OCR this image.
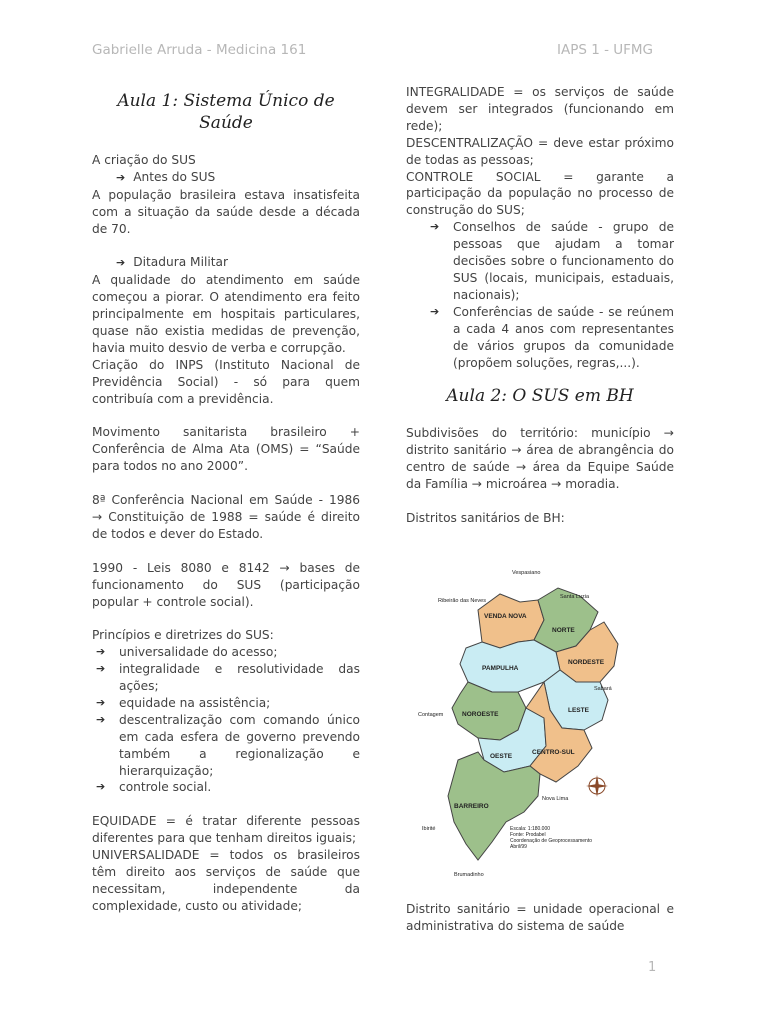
Gabrielle Arruda - Medicina 161	IAPS 1 - UFMG
Aula 1: Sistema Único de Saúde

A criação do SUS

➔ Antes do SUS

A população brasileira estava insatisfeita com a situação da saúde desde a década de 70.

➔ Ditadura Militar

A qualidade do atendimento em saúde começou a piorar. O atendimento era feito principalmente em hospitais particulares, quase não existia medidas de prevenção, havia muito desvio de verba e corrupção.

Criação do INPS (Instituto Nacional de Previdência Social) - só para quem contribuía com a previdência.

Movimento sanitarista brasileiro + Conferência de Alma Ata (OMS) = “Saúde para todos no ano 2000”.

8ª Conferência Nacional em Saúde - 1986 → Constituição de 1988 = saúde é direito de todos e dever do Estado.

1990 - Leis 8080 e 8142 → bases de funcionamento do SUS (participação popular + controle social).

Princípios e diretrizes do SUS:

➔ universalidade do acesso;
➔ integralidade e resolutividade das ações;
➔ equidade na assistência;
➔ descentralização com comando único em cada esfera de governo prevendo também a regionalização e hierarquização;
➔ controle social.

EQUIDADE = é tratar diferente pessoas diferentes para que tenham direitos iguais;

UNIVERSALIDADE = todos os brasileiros têm direito aos serviços de saúde que necessitam, independente da complexidade, custo ou atividade;

INTEGRALIDADE = os serviços de saúde devem ser integrados (funcionando em rede);

DESCENTRALIZAÇÃO = deve estar próximo de todas as pessoas;

CONTROLE SOCIAL = garante a participação da população no processo de construção do SUS;

➔ Conselhos de saúde - grupo de pessoas que ajudam a tomar decisões sobre o funcionamento do SUS (locais, municipais, estaduais, nacionais);
➔ Conferências de saúde - se reúnem a cada 4 anos com representantes de vários grupos da comunidade (propõem soluções, regras,...).
Aula 2: O SUS em BH

Subdivisões do território: município → distrito sanitário → área de abrangência do centro de saúde → área da Equipe Saúde da Família → microárea → moradia.

Distritos sanitários de BH:

VENDA NOVA
NORTE
NORDESTE
PAMPULHA
NOROESTE
LESTE
OESTE
CENTRO-SUL
BARREIRO
Vespasiano
Santa Luzia
Ribeirão das Neves
Sabará
Contagem
Nova Lima
Ibirité
Brumadinho
Escala: 1:180.000
Fonte: Prodabel
Coordenação de Geoprocessamento
Abril/99

Distrito sanitário = unidade operacional e administrativa do sistema de saúde

1
